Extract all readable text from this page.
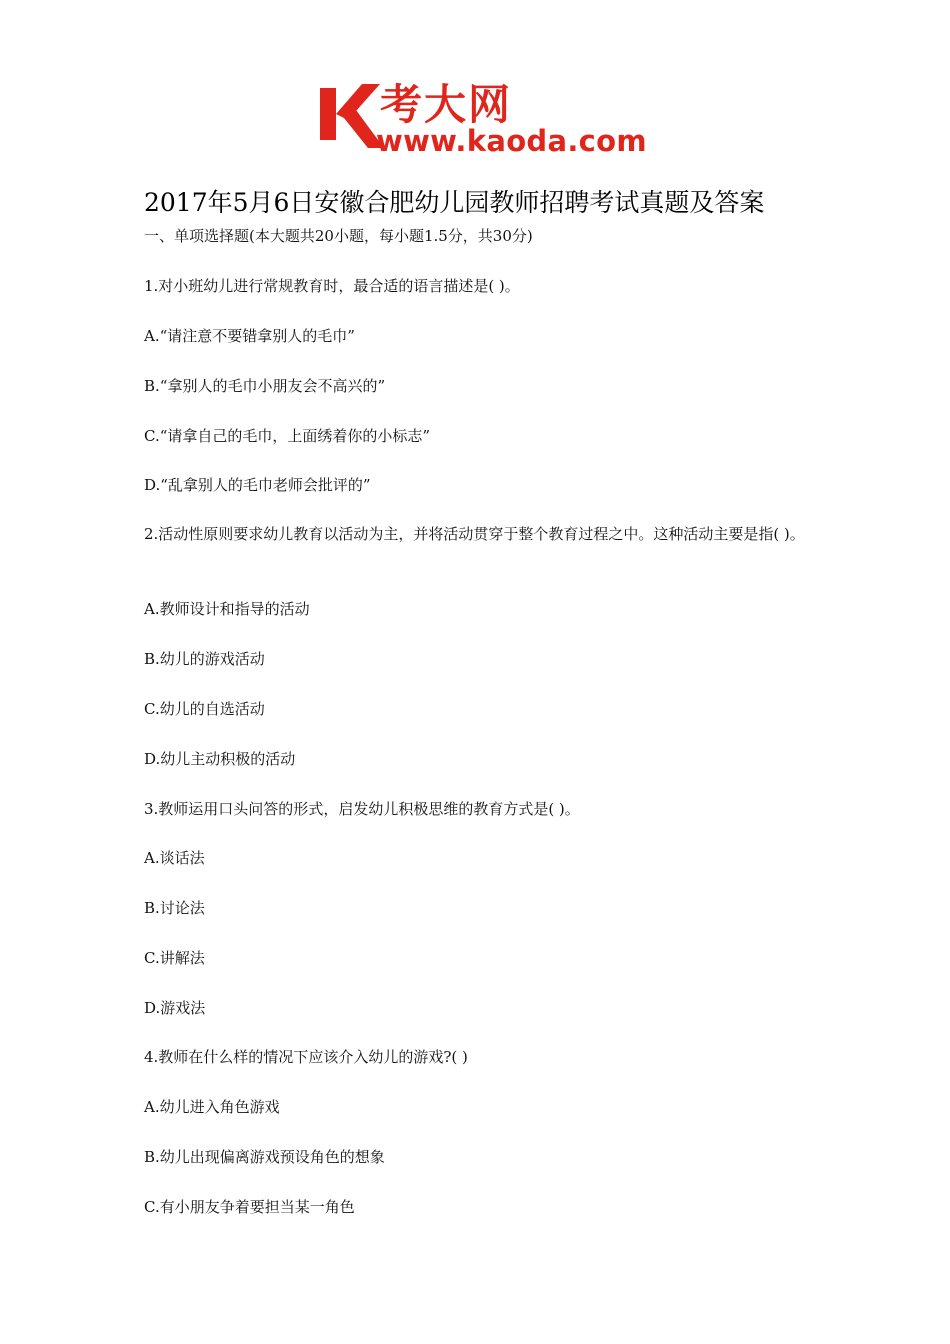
考大网
www.kaoda.com
2017年5月6日安徽合肥幼儿园教师招聘考试真题及答案
一、单项选择题(本大题共20小题，每小题1.5分，共30分)
1.对小班幼儿进行常规教育时，最合适的语言描述是( )。
A.“请注意不要错拿别人的毛巾”
B.“拿别人的毛巾小朋友会不高兴的”
C.“请拿自己的毛巾，上面绣着你的小标志”
D.“乱拿别人的毛巾老师会批评的”
2.活动性原则要求幼儿教育以活动为主，并将活动贯穿于整个教育过程之中。这种活动主要是指( )。
A.教师设计和指导的活动
B.幼儿的游戏活动
C.幼儿的自选活动
D.幼儿主动积极的活动
3.教师运用口头问答的形式，启发幼儿积极思维的教育方式是( )。
A.谈话法
B.讨论法
C.讲解法
D.游戏法
4.教师在什么样的情况下应该介入幼儿的游戏?( )
A.幼儿进入角色游戏
B.幼儿出现偏离游戏预设角色的想象
C.有小朋友争着要担当某一角色
